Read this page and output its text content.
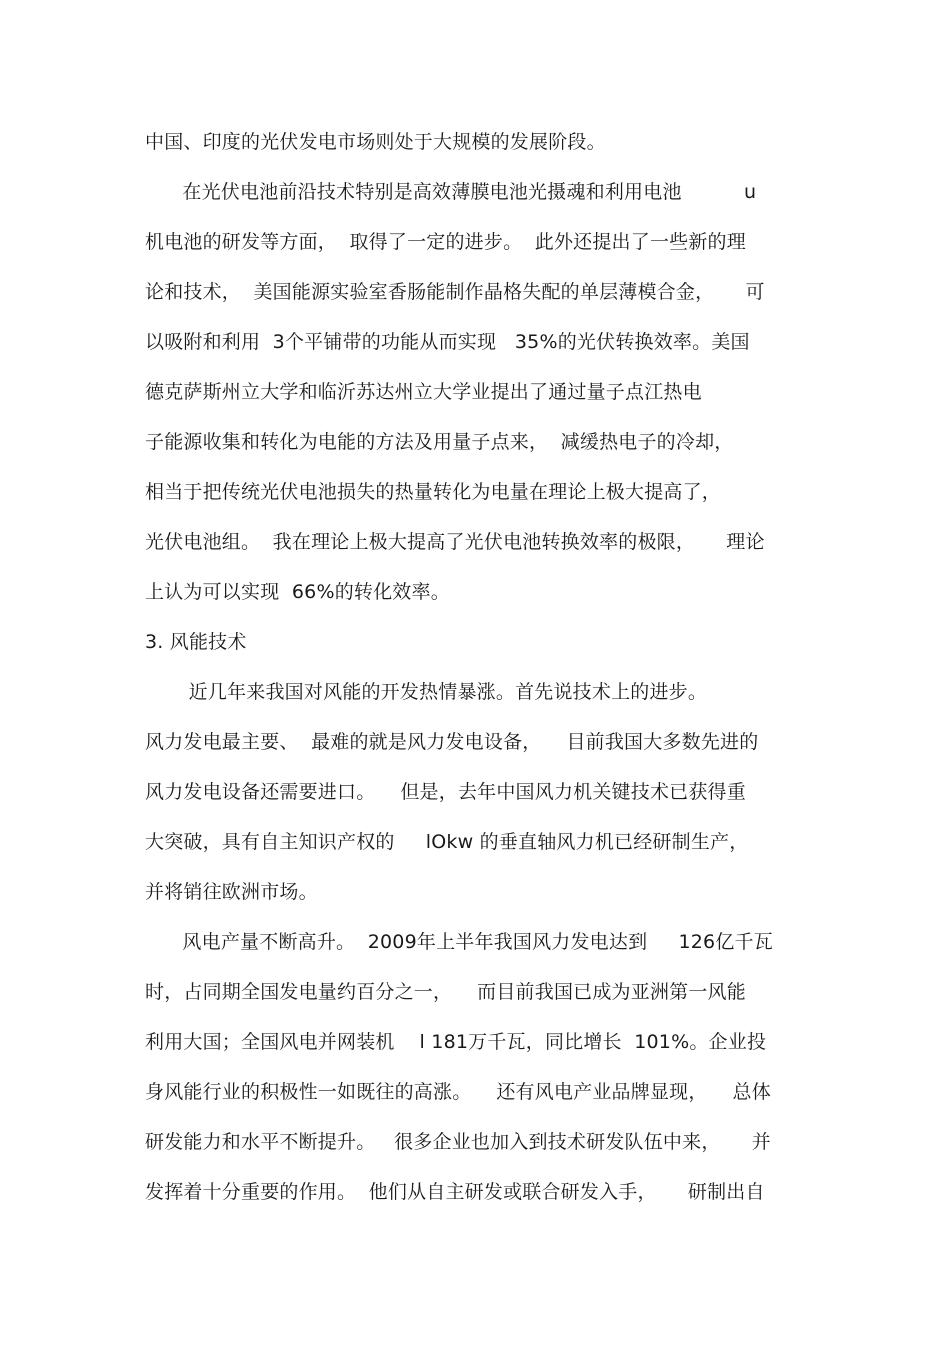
中国、印度的光伏发电市场则处于大规模的发展阶段。
在光伏电池前沿技术特别是高效薄膜电池光摄魂和利用电池          u
机电池的研发等方面，  取得了一定的进步。  此外还提出了一些新的理
论和技术，  美国能源实验室香肠能制作晶格失配的单层薄模合金，     可
以吸附和利用  3个平铺带的功能从而实现   35%的光伏转换效率。美国
德克萨斯州立大学和临沂苏达州立大学业提出了通过量子点江热电
子能源收集和转化为电能的方法及用量子点来，  减缓热电子的冷却，
相当于把传统光伏电池损失的热量转化为电量在理论上极大提高了，
光伏电池组。  我在理论上极大提高了光伏电池转换效率的极限，     理论
上认为可以实现  66%的转化效率。
3. 风能技术
近几年来我国对风能的开发热情暴涨。首先说技术上的进步。
风力发电最主要、  最难的就是风力发电设备，    目前我国大多数先进的
风力发电设备还需要进口。    但是，去年中国风力机关键技术已获得重
大突破，具有自主知识产权的     lOkw 的垂直轴风力机已经研制生产，
并将销往欧洲市场。
风电产量不断高升。  2009年上半年我国风力发电达到     126亿千瓦
时，占同期全国发电量约百分之一，    而目前我国已成为亚洲第一风能
利用大国；全国风电并网装机    l 181万千瓦，同比增长  101%。企业投
身风能行业的积极性一如既往的高涨。    还有风电产业品牌显现，    总体
研发能力和水平不断提升。   很多企业也加入到技术研发队伍中来，     并
发挥着十分重要的作用。  他们从自主研发或联合研发入手，     研制出自
